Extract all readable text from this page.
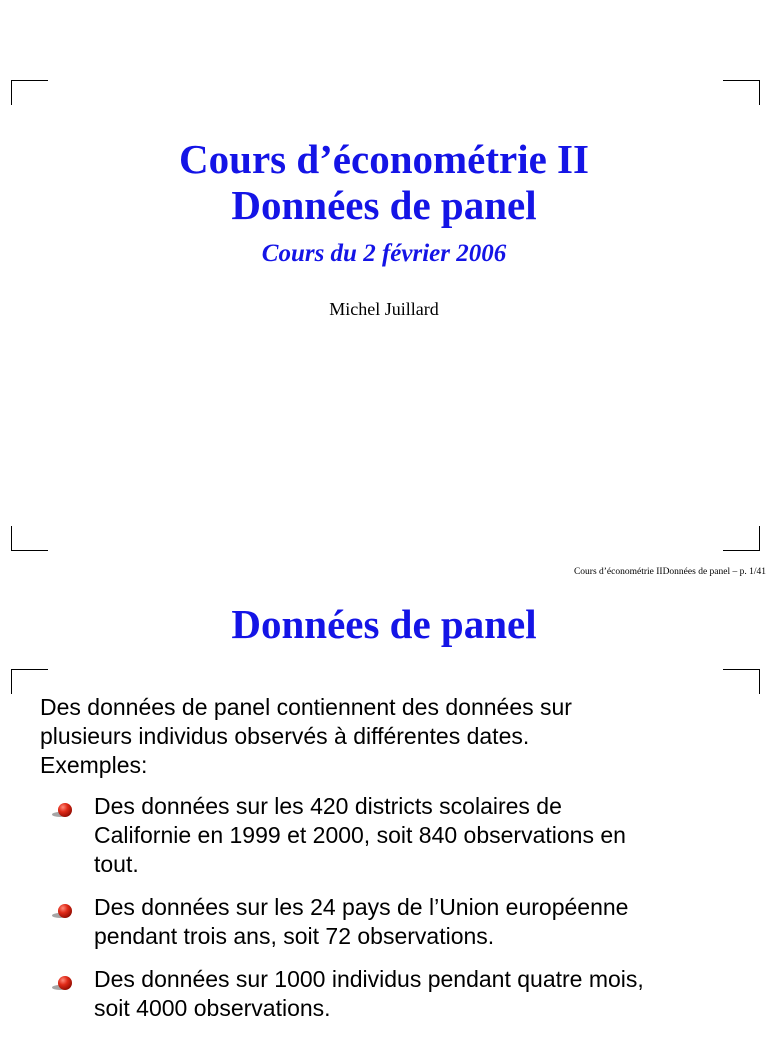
Cours d’économétrie II
Données de panel
Cours du 2 février 2006
Michel Juillard
Cours d’économétrie IIDonnées de panel – p. 1/41
Données de panel
Des données de panel contiennent des données sur
plusieurs individus observés à différentes dates.
Exemples:
Des données sur les 420 districts scolaires de
Californie en 1999 et 2000, soit 840 observations en
tout.
Des données sur les 24 pays de l’Union européenne
pendant trois ans, soit 72 observations.
Des données sur 1000 individus pendant quatre mois,
soit 4000 observations.
